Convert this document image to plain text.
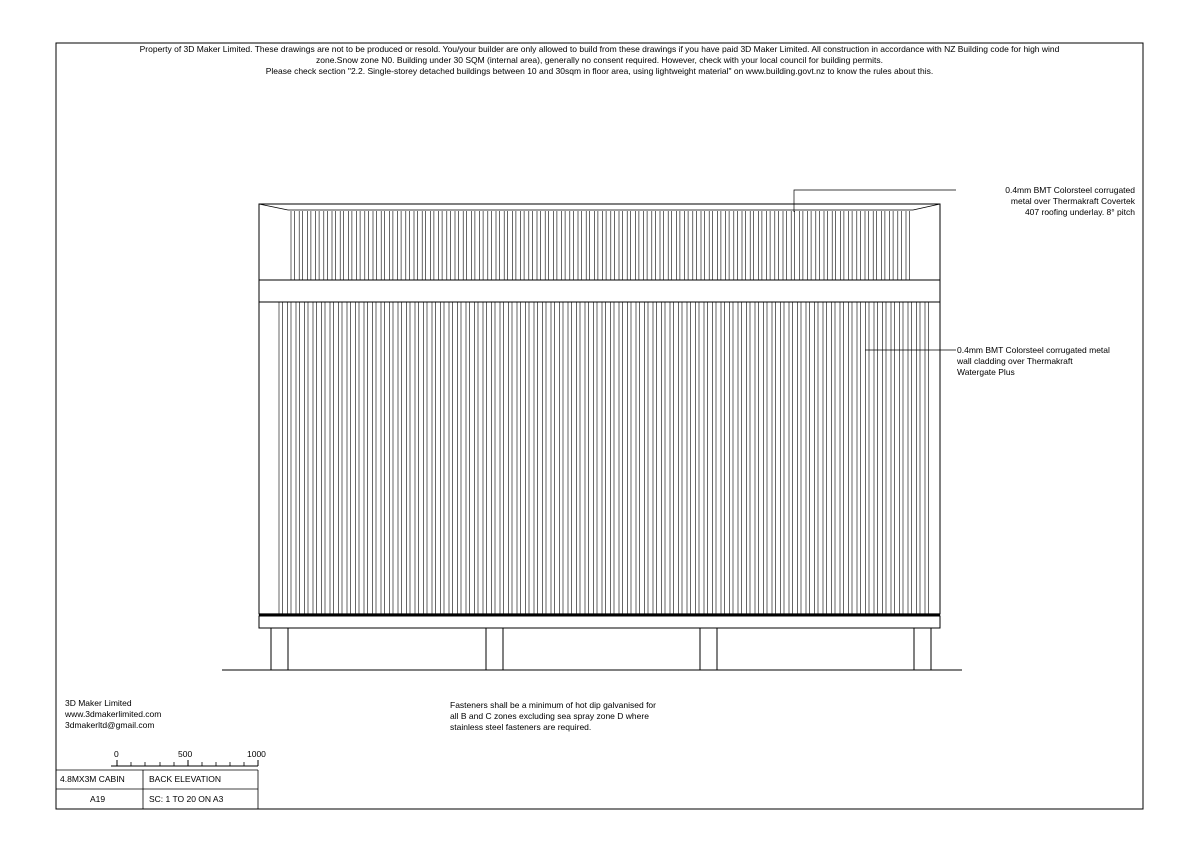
Property of 3D Maker Limited. These drawings are not to be produced or resold. You/your builder are only allowed to build from these drawings if you have paid 3D Maker Limited. All construction in accordance with NZ Building code for high wind
zone.Snow zone N0. Building under 30 SQM (internal area), generally no consent required. However, check with your local council for building permits.
Please check section "2.2. Single-storey detached buildings between 10 and 30sqm in floor area, using lightweight material" on www.building.govt.nz to know the rules about this.
0.4mm BMT Colorsteel corrugated
metal over Thermakraft Covertek
407 roofing underlay. 8° pitch
0.4mm BMT Colorsteel corrugated metal
wall cladding over Thermakraft
Watergate Plus
3D Maker Limited
www.3dmakerlimited.com
3dmakerltd@gmail.com
Fasteners shall be a minimum of hot dip galvanised for
all B and C zones excluding sea spray zone D where
stainless steel fasteners are required.
0	500	1000
4.8MX3M CABIN	BACK ELEVATION
A19	SC: 1 TO 20 ON A3
